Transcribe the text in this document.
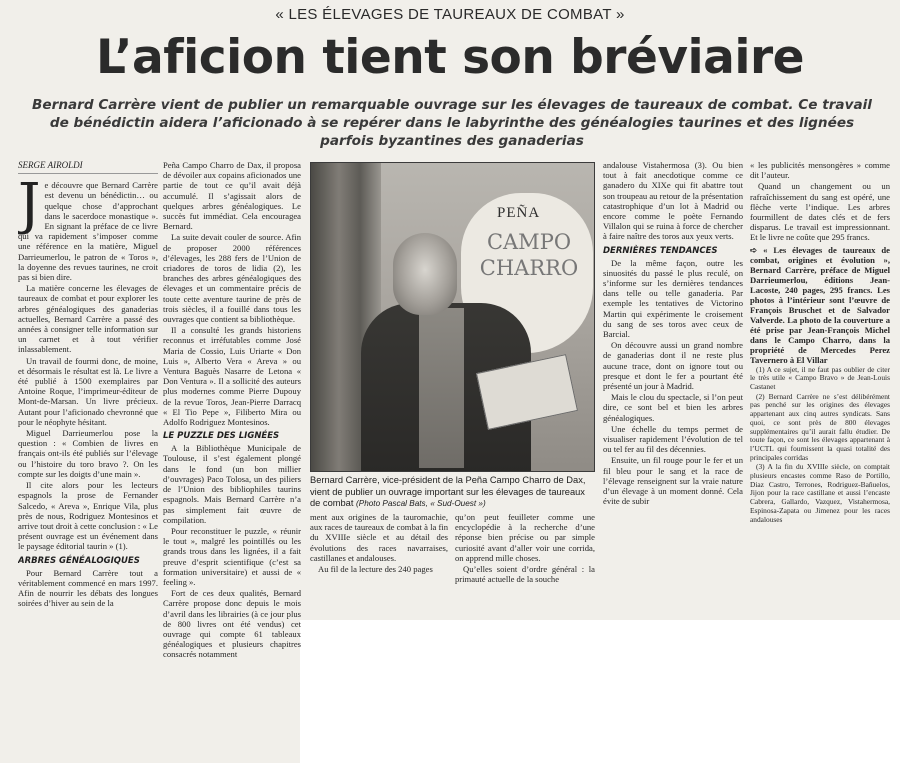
« LES ÉLEVAGES DE TAUREAUX DE COMBAT »
L’aficion tient son bréviaire
Bernard Carrère vient de publier un remarquable ouvrage sur les élevages de taureaux de combat. Ce travail de bénédictin aidera l’aficionado à se repérer dans le labyrinthe des généalogies taurines et des lignées parfois byzantines des ganaderias

SERGE AIROLDI

Je découvre que Bernard Carrère est devenu un bénédictin… ou quelque chose d’approchant dans le sacerdoce monastique ». En signant la préface de ce livre qui va rapidement s’imposer comme une référence en la matière, Miguel Darrieumerlou, le patron de « Toros », la doyenne des revues taurines, ne croit pas si bien dire.

La matière concerne les élevages de taureaux de combat et pour explorer les arbres généalogiques des ganaderias actuelles, Bernard Carrère a passé des années à consigner telle information sur un carnet et à tout vérifier inlassablement.

Un travail de fourmi donc, de moine, et désormais le résultat est là. Le livre a été publié à 1500 exemplaires par Antoine Roque, l’imprimeur-éditeur de Mont-de-Marsan. Un livre précieux. Autant pour l’aficionado chevronné que pour le néophyte hésitant.

Miguel Darrieumerlou pose la question : « Combien de livres en français ont-ils été publiés sur l’élevage ou l’histoire du toro bravo ?. On les compte sur les doigts d’une main ».

Il cite alors pour les lecteurs espagnols la prose de Fernander Salcedo, « Areva », Enrique Vila, plus près de nous, Rodriguez Montesinos et arrive tout droit à cette conclusion : « Le présent ouvrage est un événement dans le paysage éditorial taurin » (1).

ARBRES GÉNÉALOGIQUES

Pour Bernard Carrère tout a véritablement commencé en mars 1997. Afin de nourrir les débats des longues soirées d’hiver au sein de la

Peña Campo Charro de Dax, il proposa de dévoiler aux copains aficionados une partie de tout ce qu’il avait déjà accumulé. Il s’agissait alors de quelques arbres généalogiques. Le succès fut immédiat. Cela encouragea Bernard.

La suite devait couler de source. Afin de proposer 2000 références d’élevages, les 288 fers de l’Union de criadores de toros de lidia (2), les branches des arbres généalogiques des élevages et un commentaire précis de toute cette aventure taurine de près de trois siècles, il a fouillé dans tous les ouvrages que contient sa bibliothèque.

Il a consulté les grands historiens reconnus et irréfutables comme José Maria de Cossio, Luis Uriarte « Don Luis », Alberto Vera « Areva » ou Ventura Baguès Nasarre de Letona « Don Ventura ». Il a sollicité des auteurs plus modernes comme Pierre Dupouy de la revue Toros, Jean-Pierre Darracq « El Tio Pepe », Filiberto Mira ou Adolfo Rodriguez Montesinos.

LE PUZZLE DES LIGNÉES

A la Bibliothèque Municipale de Toulouse, il s’est également plongé dans le fond (un bon millier d’ouvrages) Paco Tolosa, un des piliers de l’Union des bibliophiles taurins espagnols. Mais Bernard Carrère n’a pas simplement fait œuvre de compilation.

Pour reconstituer le puzzle, « réunir le tout », malgré les pointillés ou les grands trous dans les lignées, il a fait preuve d’esprit scientifique (c’est sa formation universitaire) et aussi de « feeling ».

Fort de ces deux qualités, Bernard Carrère propose donc depuis le mois d’avril dans les librairies (à ce jour plus de 800 livres ont été vendus) cet ouvrage qui compte 61 tableaux généalogiques et plusieurs chapitres consacrés notamment

PEÑA
CAMPO CHARRO
Bernard Carrère, vice-président de la Peña Campo Charro de Dax, vient de publier un ouvrage important sur les élevages de taureaux de combat (Photo Pascal Bats, « Sud-Ouest »)

ment aux origines de la tauromachie, aux races de taureaux de combat à la fin du XVIIIe siècle et au détail des évolutions des races navarraises, castillanes et andalouses.

Au fil de la lecture des 240 pages

qu’on peut feuilleter comme une encyclopédie à la recherche d’une réponse bien précise ou par simple curiosité avant d’aller voir une corrida, on apprend mille choses.

Qu’elles soient d’ordre général : la primauté actuelle de la souche

andalouse Vistahermosa (3). Ou bien tout à fait anecdotique comme ce ganadero du XIXe qui fit abattre tout son troupeau au retour de la présentation catastrophique d’un lot à Madrid ou encore comme le poète Fernando Villalon qui se ruina à force de chercher à faire naître des toros aux yeux verts.

DERNIÈRES TENDANCES

De la même façon, outre les sinuosités du passé le plus reculé, on s’informe sur les dernières tendances dans telle ou telle ganaderia. Par exemple les tentatives de Victorino Martin qui expérimente le croisement du sang de ses toros avec ceux de Barcial.

On découvre aussi un grand nombre de ganaderias dont il ne reste plus aucune trace, dont on ignore tout ou presque et dont le fer a pourtant été présenté un jour à Madrid.

Mais le clou du spectacle, si l’on peut dire, ce sont bel et bien les arbres généalogiques.

Une échelle du temps permet de visualiser rapidement l’évolution de tel ou tel fer au fil des décennies.

Ensuite, un fil rouge pour le fer et un fil bleu pour le sang et la race de l’élevage renseignent sur la vraie nature d’un élevage à un moment donné. Cela évite de subir

« les publicités mensongères » comme dit l’auteur.

Quand un changement ou un rafraîchissement du sang est opéré, une flèche verte l’indique. Les arbres fourmillent de dates clés et de fers disparus. Le travail est impressionnant. Et le livre ne coûte que 295 francs.

➪ « Les élevages de taureaux de combat, origines et évolution », Bernard Carrère, préface de Miguel Darrieumerlou, éditions Jean-Lacoste, 240 pages, 295 francs. Les photos à l’intérieur sont l’œuvre de François Bruschet et de Salvador Valverde. La photo de la couverture a été prise par Jean-François Michel dans le Campo Charro, dans la propriété de Mercedes Perez Tavernero à El Villar

(1) A ce sujet, il ne faut pas oublier de citer le très utile « Campo Bravo » de Jean-Louis Castanet

(2) Bernard Carrère ne s’est délibérément pas penché sur les origines des élevages appartenant aux cinq autres syndicats. Sans quoi, ce sont près de 800 élevages supplémentaires qu’il aurait fallu étudier. De toute façon, ce sont les élevages appartenant à l’UCTL qui fournissent la quasi totalité des principales corridas

(3) A la fin du XVIIIe siècle, on comptait plusieurs encastes comme Raso de Portillo, Diaz Castro, Terrones, Rodriguez-Bañuelos, Jijon pour la race castillane et aussi l’encaste Cabrera, Gallardo, Vazquez, Vistahermosa, Espinosa-Zapata ou Jimenez pour les races andalouses
